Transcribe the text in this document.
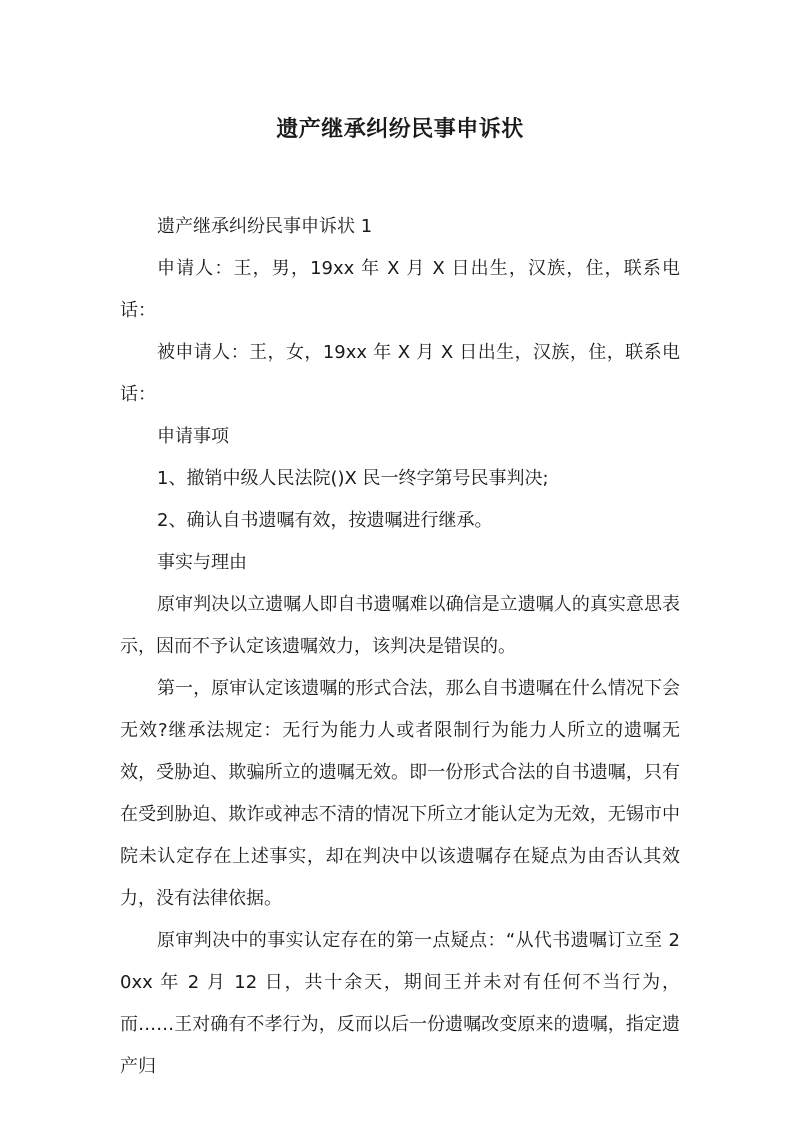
遗产继承纠纷民事申诉状

遗产继承纠纷民事申诉状 1

申请人：王，男，19xx 年 X 月 X 日出生，汉族，住，联系电话：

被申请人：王，女，19xx 年 X 月 X 日出生，汉族，住，联系电话：

申请事项

1、撤销中级人民法院()X 民一终字第号民事判决;

2、确认自书遗嘱有效，按遗嘱进行继承。

事实与理由

原审判决以立遗嘱人即自书遗嘱难以确信是立遗嘱人的真实意思表示，因而不予认定该遗嘱效力，该判决是错误的。

第一，原审认定该遗嘱的形式合法，那么自书遗嘱在什么情况下会无效?继承法规定：无行为能力人或者限制行为能力人所立的遗嘱无效，受胁迫、欺骗所立的遗嘱无效。即一份形式合法的自书遗嘱，只有在受到胁迫、欺诈或神志不清的情况下所立才能认定为无效，无锡市中院未认定存在上述事实，却在判决中以该遗嘱存在疑点为由否认其效力，没有法律依据。

原审判决中的事实认定存在的第一点疑点：“从代书遗嘱订立至 20xx 年 2 月 12 日，共十余天，期间王并未对有任何不当行为，而……王对确有不孝行为，反而以后一份遗嘱改变原来的遗嘱，指定遗产归
